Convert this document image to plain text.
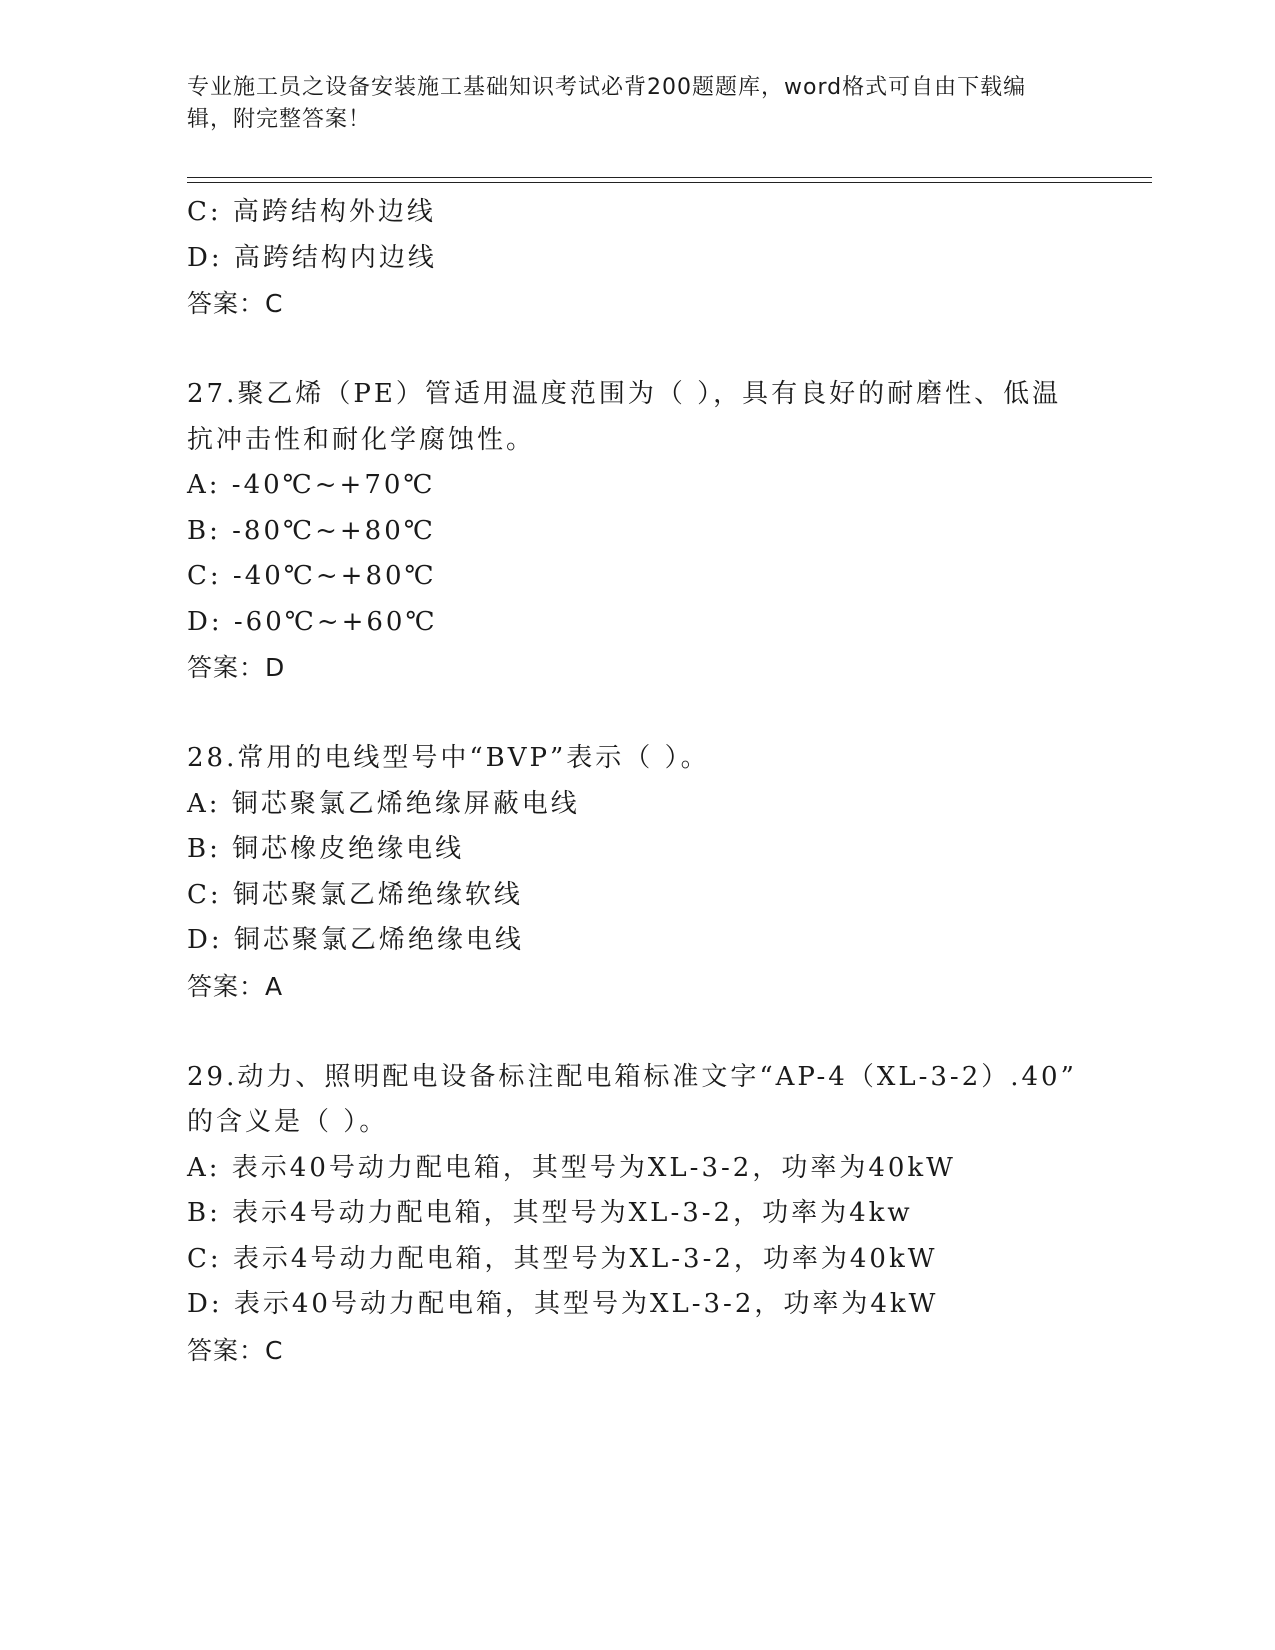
专业施工员之设备安装施工基础知识考试必背200题题库，word格式可自由下载编辑，附完整答案！
C: 高跨结构外边线
D: 高跨结构内边线
答案：C
27.聚乙烯（PE）管适用温度范围为（ ），具有良好的耐磨性、低温
抗冲击性和耐化学腐蚀性。
A: -40℃~+70℃
B: -80℃~+80℃
C: -40℃~+80℃
D: -60℃~+60℃
答案：D
28.常用的电线型号中“BVP”表示（ ）。
A: 铜芯聚氯乙烯绝缘屏蔽电线
B: 铜芯橡皮绝缘电线
C: 铜芯聚氯乙烯绝缘软线
D: 铜芯聚氯乙烯绝缘电线
答案：A
29.动力、照明配电设备标注配电箱标准文字“AP-4（XL-3-2）.40”
的含义是（ ）。
A: 表示40号动力配电箱，其型号为XL-3-2，功率为40kW
B: 表示4号动力配电箱，其型号为XL-3-2，功率为4kw
C: 表示4号动力配电箱，其型号为XL-3-2，功率为40kW
D: 表示40号动力配电箱，其型号为XL-3-2，功率为4kW
答案：C
